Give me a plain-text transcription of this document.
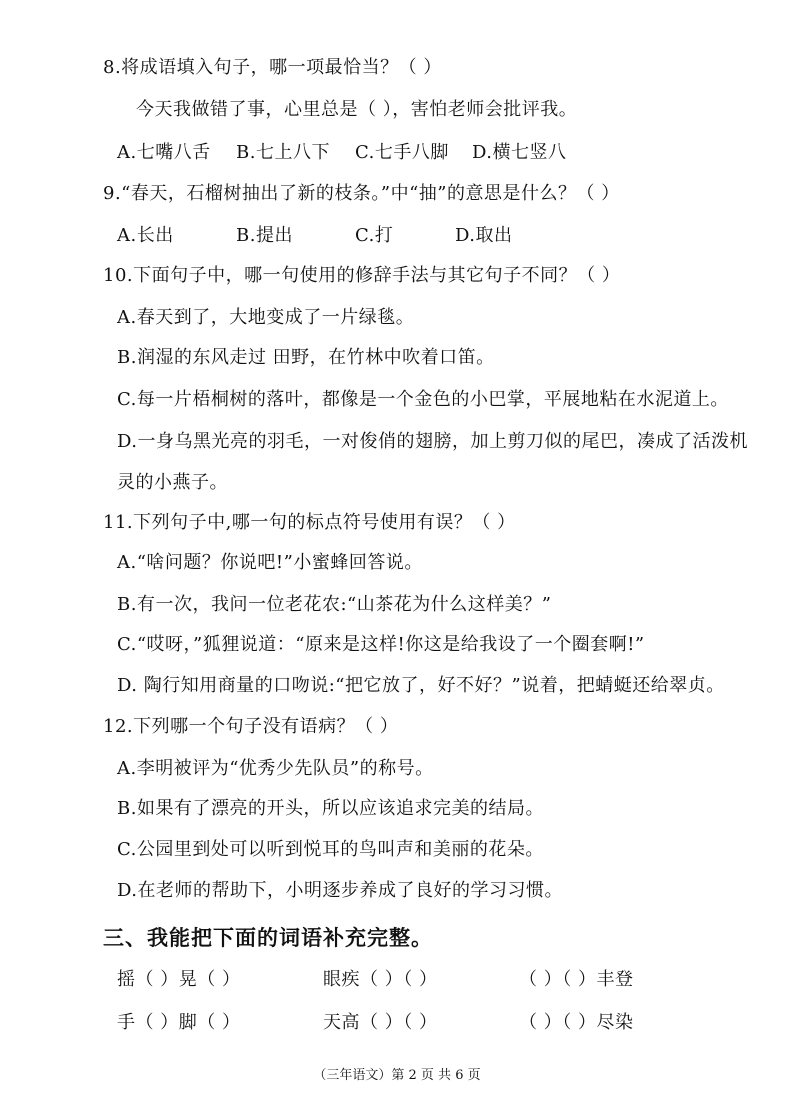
8.将成语填入句子，哪一项最恰当？（ ）
今天我做错了事，心里总是（ ），害怕老师会批评我。
A.七嘴八舌 B.七上八下 C.七手八脚 D.横七竖八
9.“春天，石榴树抽出了新的枝条。”中“抽”的意思是什么？（ ）
A.长出	B.提出	C.打	D.取出
10.下面句子中，哪一句使用的修辞手法与其它句子不同？（ ）
A.春天到了，大地变成了一片绿毯。
B.润湿的东风走过 田野，在竹林中吹着口笛。
C.每一片梧桐树的落叶，都像是一个金色的小巴掌，平展地粘在水泥道上。
D.一身乌黑光亮的羽毛，一对俊俏的翅膀，加上剪刀似的尾巴，凑成了活泼机
灵的小燕子。
11.下列句子中,哪一句的标点符号使用有误？（ ）
A.“啥问题？你说吧!”小蜜蜂回答说。
B.有一次，我问一位老花农:“山茶花为什么这样美？”
C.“哎呀，”狐狸说道：“原来是这样!你这是给我设了一个圈套啊!”
D. 陶行知用商量的口吻说:“把它放了，好不好？”说着，把蜻蜓还给翠贞。
12.下列哪一个句子没有语病？（ ）
A.李明被评为“优秀少先队员”的称号。
B.如果有了漂亮的开头，所以应该追求完美的结局。
C.公园里到处可以听到悦耳的鸟叫声和美丽的花朵。
D.在老师的帮助下，小明逐步养成了良好的学习习惯。
三、我能把下面的词语补充完整。
摇（ ）晃（ ）	眼疾（ ）（ ）	（ ）（ ）丰登
手（ ）脚（ ）	天高（ ）（ ）	（ ）（ ）尽染
（三年语文）第 2 页 共 6 页
